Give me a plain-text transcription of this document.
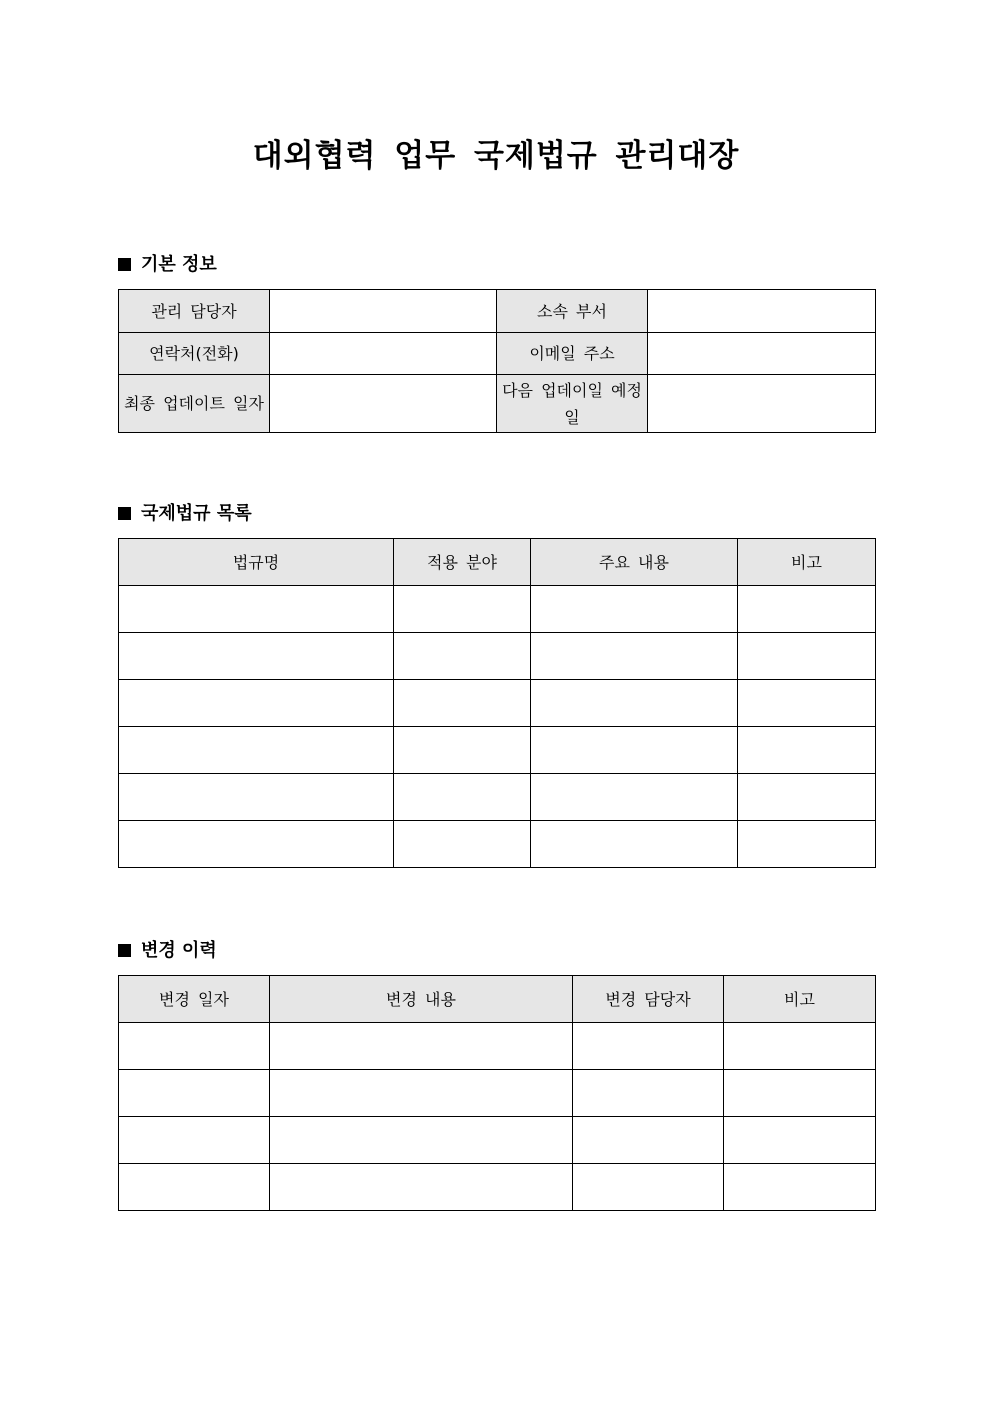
대외협력 업무 국제법규 관리대장
기본 정보
관리 담당자		소속 부서	
연락처(전화)		이메일 주소	
최종 업데이트 일자		다음 업데이일 예정일	
국제법규 목록
법규명	적용 분야	주요 내용	비고

변경 이력
변경 일자	변경 내용	변경 담당자	비고
